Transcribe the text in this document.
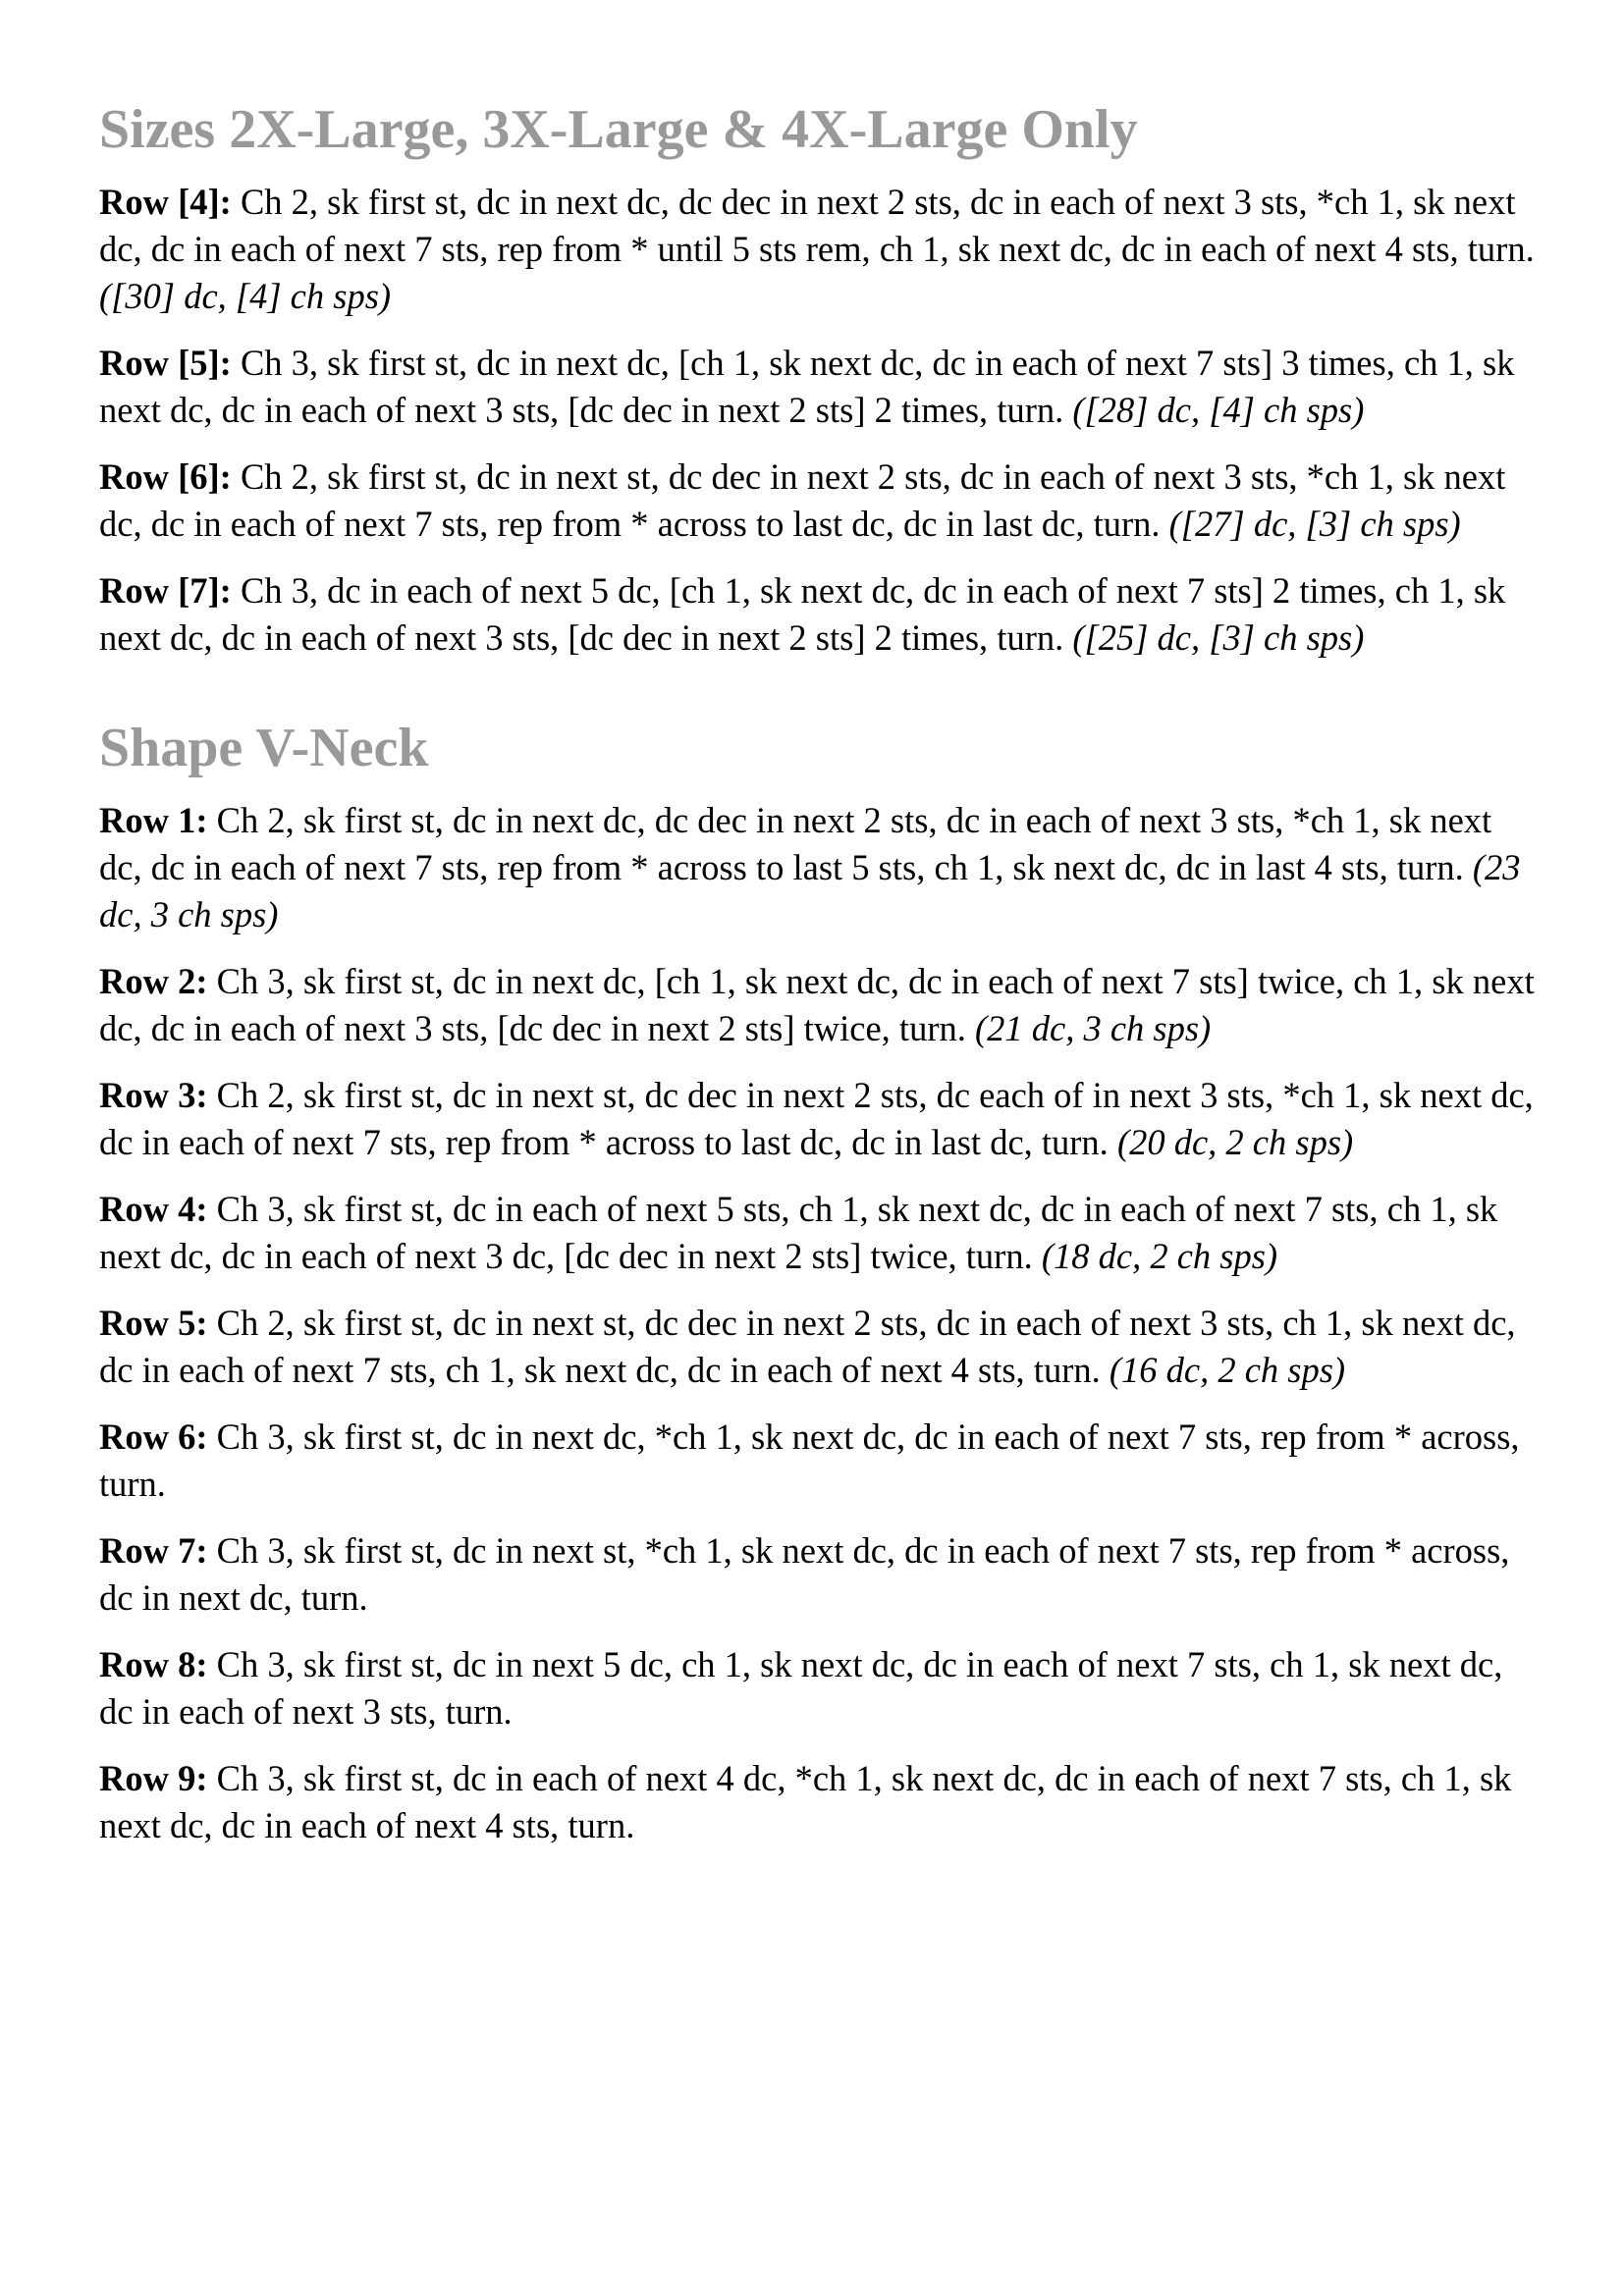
Sizes 2X-Large, 3X-Large & 4X-Large Only

Row [4]: Ch 2, sk first st, dc in next dc, dc dec in next 2 sts, dc in each of next 3 sts, *ch 1, sk next dc, dc in each of next 7 sts, rep from * until 5 sts rem, ch 1, sk next dc, dc in each of next 4 sts, turn. ([30] dc, [4] ch sps)

Row [5]: Ch 3, sk first st, dc in next dc, [ch 1, sk next dc, dc in each of next 7 sts] 3 times, ch 1, sk next dc, dc in each of next 3 sts, [dc dec in next 2 sts] 2 times, turn. ([28] dc, [4] ch sps)

Row [6]: Ch 2, sk first st, dc in next st, dc dec in next 2 sts, dc in each of next 3 sts, *ch 1, sk next dc, dc in each of next 7 sts, rep from * across to last dc, dc in last dc, turn. ([27] dc, [3] ch sps)

Row [7]: Ch 3, dc in each of next 5 dc, [ch 1, sk next dc, dc in each of next 7 sts] 2 times, ch 1, sk next dc, dc in each of next 3 sts, [dc dec in next 2 sts] 2 times, turn. ([25] dc, [3] ch sps)

Shape V-Neck

Row 1: Ch 2, sk first st, dc in next dc, dc dec in next 2 sts, dc in each of next 3 sts, *ch 1, sk next dc, dc in each of next 7 sts, rep from * across to last 5 sts, ch 1, sk next dc, dc in last 4 sts, turn. (23 dc, 3 ch sps)

Row 2: Ch 3, sk first st, dc in next dc, [ch 1, sk next dc, dc in each of next 7 sts] twice, ch 1, sk next dc, dc in each of next 3 sts, [dc dec in next 2 sts] twice, turn. (21 dc, 3 ch sps)

Row 3: Ch 2, sk first st, dc in next st, dc dec in next 2 sts, dc each of in next 3 sts, *ch 1, sk next dc, dc in each of next 7 sts, rep from * across to last dc, dc in last dc, turn. (20 dc, 2 ch sps)

Row 4: Ch 3, sk first st, dc in each of next 5 sts, ch 1, sk next dc, dc in each of next 7 sts, ch 1, sk next dc, dc in each of next 3 dc, [dc dec in next 2 sts] twice, turn. (18 dc, 2 ch sps)

Row 5: Ch 2, sk first st, dc in next st, dc dec in next 2 sts, dc in each of next 3 sts, ch 1, sk next dc, dc in each of next 7 sts, ch 1, sk next dc, dc in each of next 4 sts, turn. (16 dc, 2 ch sps)

Row 6: Ch 3, sk first st, dc in next dc, *ch 1, sk next dc, dc in each of next 7 sts, rep from * across, turn.

Row 7: Ch 3, sk first st, dc in next st, *ch 1, sk next dc, dc in each of next 7 sts, rep from * across, dc in next dc, turn.

Row 8: Ch 3, sk first st, dc in next 5 dc, ch 1, sk next dc, dc in each of next 7 sts, ch 1, sk next dc, dc in each of next 3 sts, turn.

Row 9: Ch 3, sk first st, dc in each of next 4 dc, *ch 1, sk next dc, dc in each of next 7 sts, ch 1, sk next dc, dc in each of next 4 sts, turn.
